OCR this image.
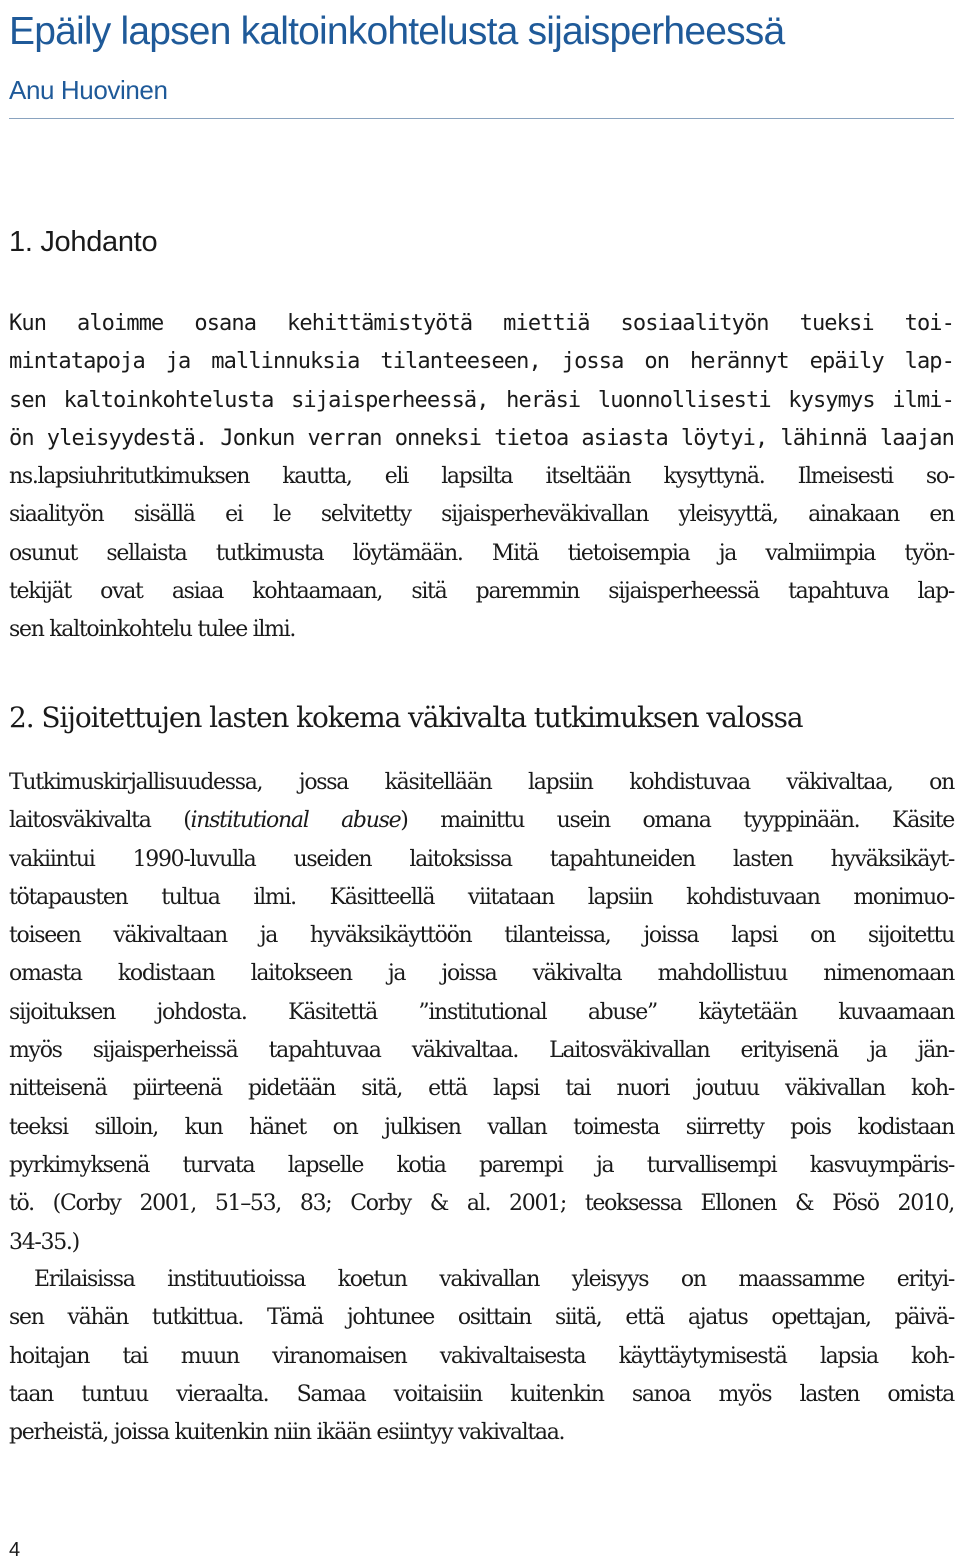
Epäily lapsen kaltoinkohtelusta sijaisperheessä

Anu Huovinen

1. Johdanto
Kun aloimme osana kehittämistyötä miettiä sosiaalityön tueksi toi-
mintatapoja ja mallinnuksia tilanteeseen, jossa on herännyt epäily lap-
sen kaltoinkohtelusta sijaisperheessä, heräsi luonnollisesti kysymys ilmi-
ön yleisyydestä. Jonkun verran onneksi tietoa asiasta löytyi, lähinnä laajan
ns.lapsiuhritutkimuksen kautta, eli lapsilta itseltään kysyttynä. Ilmeisesti so-
siaalityön sisällä ei le selvitetty sijaisperheväkivallan yleisyyttä, ainakaan en
osunut sellaista tutkimusta löytämään. Mitä tietoisempia ja valmiimpia työn-
tekijät ovat asiaa kohtaamaan, sitä paremmin sijaisperheessä tapahtuva lap-
sen kaltoinkohtelu tulee ilmi.
2. Sijoitettujen lasten kokema väkivalta tutkimuksen valossa
Tutkimuskirjallisuudessa, jossa käsitellään lapsiin kohdistuvaa väkivaltaa, on
laitosväkivalta (institutional abuse) mainittu usein omana tyyppinään. Käsite
vakiintui 1990-luvulla useiden laitoksissa tapahtuneiden lasten hyväksikäyt-
tötapausten tultua ilmi. Käsitteellä viitataan lapsiin kohdistuvaan monimuo-
toiseen väkivaltaan ja hyväksikäyttöön tilanteissa, joissa lapsi on sijoitettu
omasta kodistaan laitokseen ja joissa väkivalta mahdollistuu nimenomaan
sijoituksen johdosta. Käsitettä ”institutional abuse” käytetään kuvaamaan
myös sijaisperheissä tapahtuvaa väkivaltaa. Laitosväkivallan erityisenä ja jän-
nitteisenä piirteenä pidetään sitä, että lapsi tai nuori joutuu väkivallan koh-
teeksi silloin, kun hänet on julkisen vallan toimesta siirretty pois kodistaan
pyrkimyksenä turvata lapselle kotia parempi ja turvallisempi kasvuympäris-
tö. (Corby 2001, 51–53, 83; Corby & al. 2001; teoksessa Ellonen & Pösö 2010,
34-35.)
Erilaisissa instituutioissa koetun vakivallan yleisyys on maassamme erityi-
sen vähän tutkittua. Tämä johtunee osittain siitä, että ajatus opettajan, päivä-
hoitajan tai muun viranomaisen vakivaltaisesta käyttäytymisestä lapsia koh-
taan tuntuu vieraalta. Samaa voitaisiin kuitenkin sanoa myös lasten omista
perheistä, joissa kuitenkin niin ikään esiintyy vakivaltaa.

4
